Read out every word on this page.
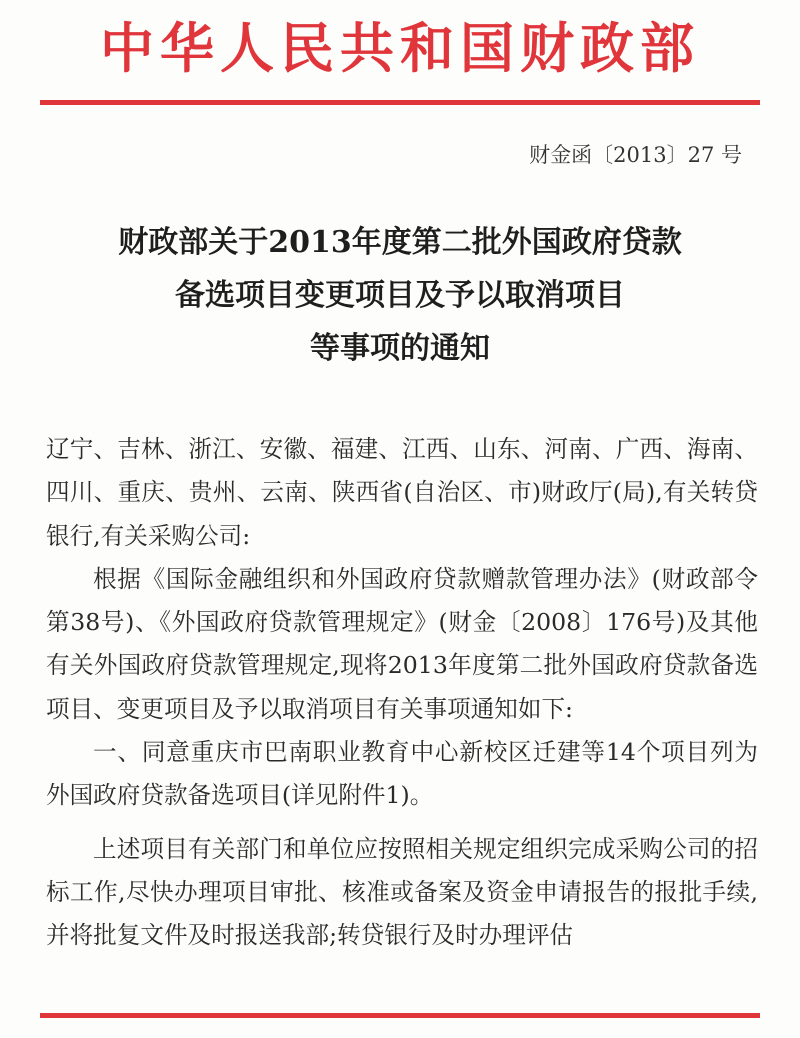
中华人民共和国财政部
财金函〔2013〕27 号
财政部关于2013年度第二批外国政府贷款
备选项目变更项目及予以取消项目
等事项的通知

辽宁、吉林、浙江、安徽、福建、江西、山东、河南、广西、海南、四川、重庆、贵州、云南、陕西省(自治区、市)财政厅(局),有关转贷银行,有关采购公司:

根据《国际金融组织和外国政府贷款赠款管理办法》(财政部令第38号)、《外国政府贷款管理规定》(财金〔2008〕176号)及其他有关外国政府贷款管理规定,现将2013年度第二批外国政府贷款备选项目、变更项目及予以取消项目有关事项通知如下:

一、同意重庆市巴南职业教育中心新校区迁建等14个项目列为外国政府贷款备选项目(详见附件1)。

上述项目有关部门和单位应按照相关规定组织完成采购公司的招标工作,尽快办理项目审批、核准或备案及资金申请报告的报批手续,并将批复文件及时报送我部;转贷银行及时办理评估
